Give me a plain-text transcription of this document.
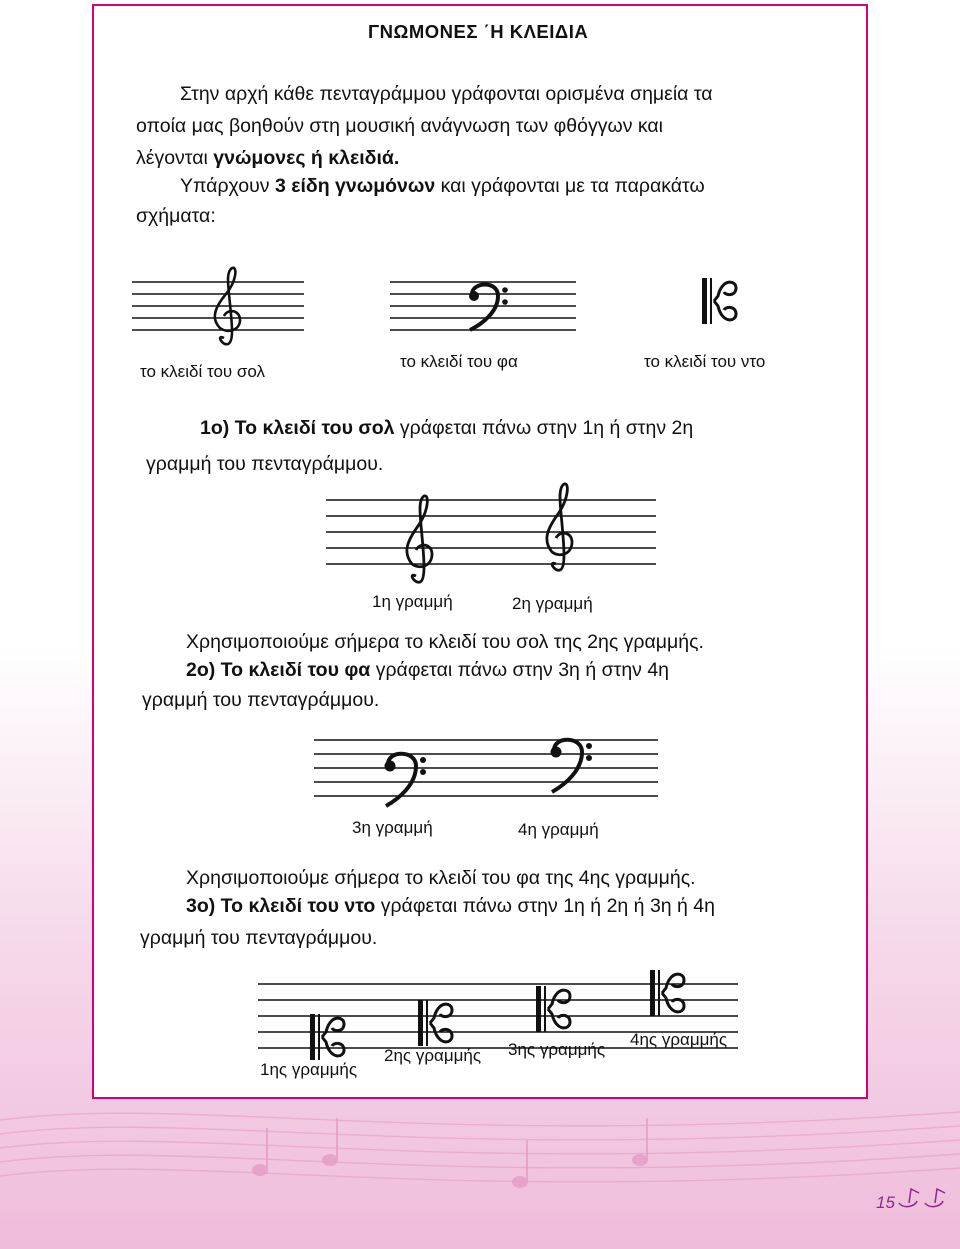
ΓΝΩΜΟΝΕΣ ΄Η ΚΛΕΙΔΙΑ
Στην αρχή κάθε πενταγράμμου γράφονται ορισμένα σημεία τα
οποία μας βοηθούν στη μουσική ανάγνωση των φθόγγων και
λέγονται γνώμονες ή κλειδιά.
Υπάρχουν 3 είδη γνωμόνων και γράφονται με τα παρακάτω
σχήματα:
το κλειδί του σολ
το κλειδί του φα	το κλειδί του ντο
1ο) Το κλειδί του σολ γράφεται πάνω στην 1η ή στην 2η
γραμμή του πενταγράμμου.
1η γραμμή	2η γραμμή
Χρησιμοποιούμε σήμερα το κλειδί του σολ της 2ης γραμμής.
2ο) Το κλειδί του φα γράφεται πάνω στην 3η ή στην 4η
γραμμή του πενταγράμμου.
3η γραμμή	4η γραμμή
Χρησιμοποιούμε σήμερα το κλειδί του φα της 4ης γραμμής.
3ο) Το κλειδί του ντο γράφεται πάνω στην 1η ή 2η ή 3η ή 4η
γραμμή του πενταγράμμου.
1ης γραμμής
2ης γραμμής 3ης γραμμής
4ης γραμμής
15
